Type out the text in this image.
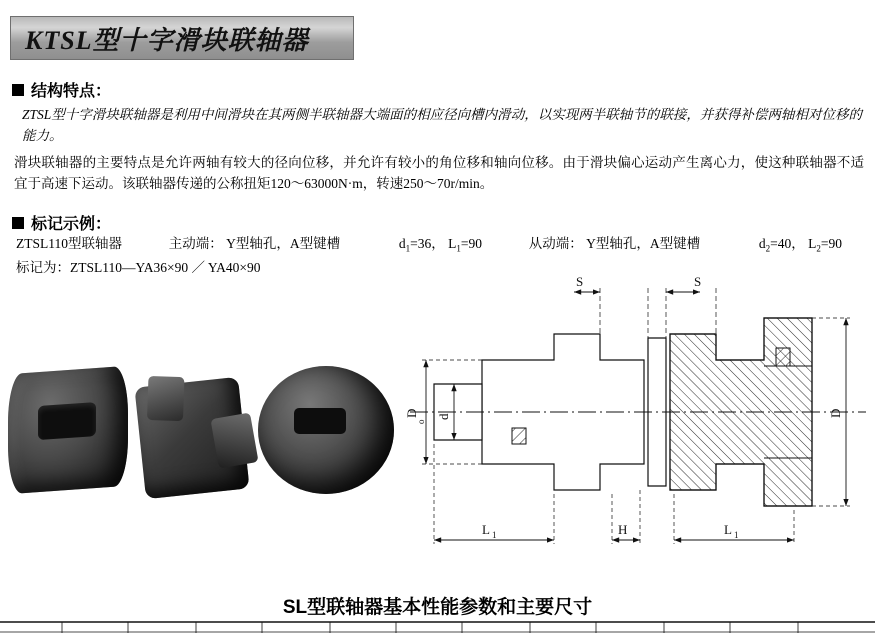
KTSL型十字滑块联轴器
结构特点：
ZTSL型十字滑块联轴器是利用中间滑块在其两侧半联轴器大端面的相应径向槽内滑动，以实现两半联轴节的联接，并获得补偿两轴相对位移的能力。
滑块联轴器的主要特点是允许两轴有较大的径向位移，并允许有较小的角位移和轴向位移。由于滑块偏心运动产生离心力，使这种联轴器不适宜于高速下运动。该联轴器传递的公称扭矩120～63000N·m，转速250～70r/min。
标记示例：
ZTSL110型联轴器	主动端： Y型轴孔，A型键槽	$d_1=36$， $L_1=90$	从动端： Y型轴孔，A型键槽	$d_2=40$， $L_2=90$
标记为：ZTSL110—YA36×90 ／ YA40×90
S	S
D
o
d	D
L 1	H	L 1
SL型联轴器基本性能参数和主要尺寸
